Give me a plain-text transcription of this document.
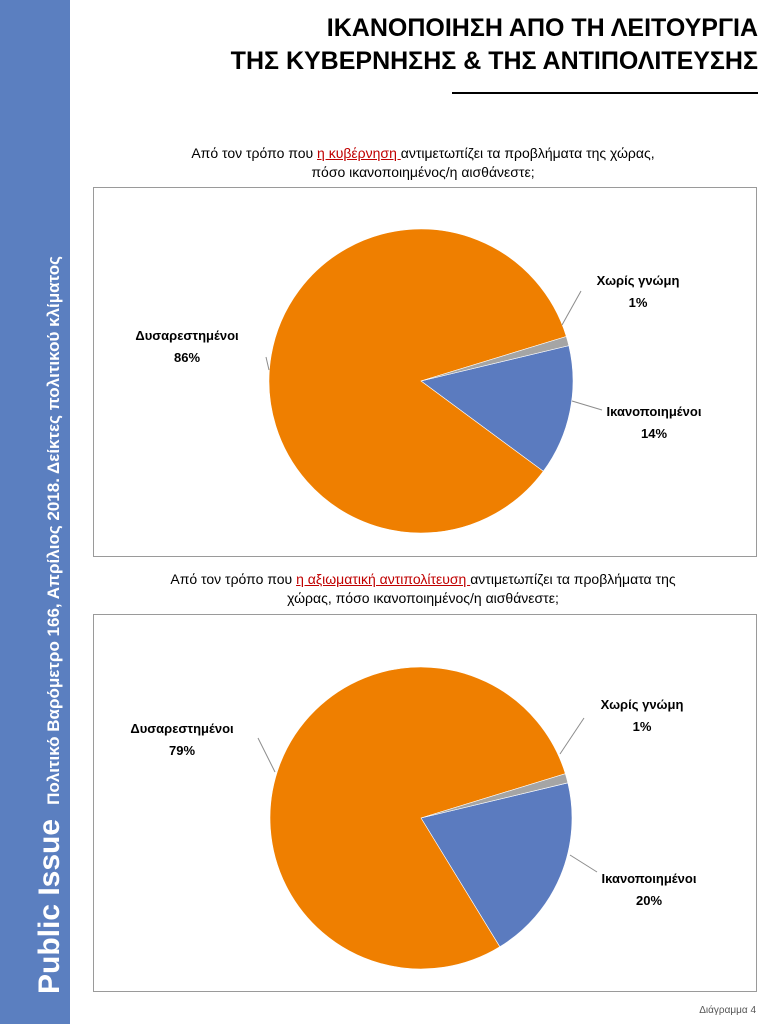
Public IssueΠολιτικό Βαρόμετρο 166, Απρίλιος 2018. Δείκτες πολιτικού κλίματος
ΙΚΑΝΟΠΟΙΗΣΗ ΑΠΟ ΤΗ ΛΕΙΤΟΥΡΓΙΑ
ΤΗΣ ΚΥΒΕΡΝΗΣΗΣ & ΤΗΣ ΑΝΤΙΠΟΛΙΤΕΥΣΗΣ
Από τον τρόπο που η κυβέρνηση αντιμετωπίζει τα προβλήματα της χώρας,
πόσο ικανοποιημένος/η αισθάνεστε;
Ικανοποιημένοι
14%
Δυσαρεστημένοι
86%
Χωρίς γνώμη
1%
Από τον τρόπο που η αξιωματική αντιπολίτευση αντιμετωπίζει τα προβλήματα της
χώρας, πόσο ικανοποιημένος/η αισθάνεστε;
Ικανοποιημένοι
20%
Δυσαρεστημένοι
79%
Χωρίς γνώμη
1%
Διάγραμμα 4
